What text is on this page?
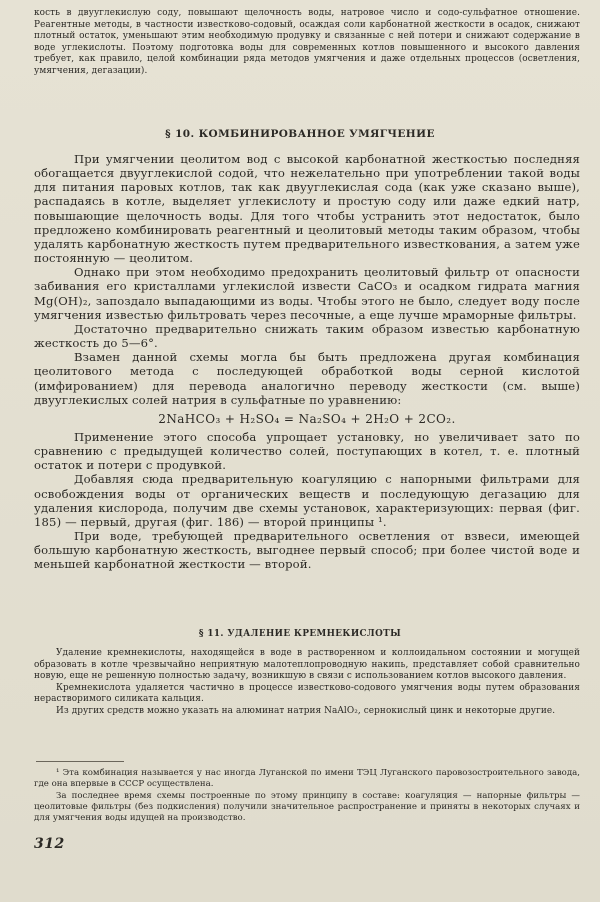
кость в двууглекислую соду, повышают щелочность воды, натровое число и содо-сульфатное отношение. Реагентные методы, в частности известково-содовый, осаждая соли карбонатной жесткости в осадок, снижают плотный остаток, уменьшают этим необходимую продувку и связанные с ней потери и снижают содержание в воде углекислоты. Поэтому подготовка воды для современных котлов повышенного и высокого давления требует, как правило, целой комбинации ряда методов умягчения и даже отдельных процессов (осветления, умягчения, дегазации).

§ 10. КОМБИНИРОВАННОЕ УМЯГЧЕНИЕ

При умягчении цеолитом вод с высокой карбонатной жесткостью последняя обогащается двууглекислой содой, что нежелательно при употреблении такой воды для питания паровых котлов, так как двууглекислая сода (как уже сказано выше), распадаясь в котле, выделяет углекислоту и простую соду или даже едкий натр, повышающие щелочность воды. Для того чтобы устранить этот недостаток, было предложено комбинировать реагентный и цеолитовый методы таким образом, чтобы удалять карбонатную жесткость путем предварительного известкования, а затем уже постоянную — цеолитом.

Однако при этом необходимо предохранить цеолитовый фильтр от опасности забивания его кристаллами углекислой извести CaCO₃ и осадком гидрата магния Mg(OH)₂, запоздало выпадающими из воды. Чтобы этого не было, следует воду после умягчения известью фильтровать через песочные, а еще лучше мраморные фильтры.

Достаточно предварительно снижать таким образом известью карбонатную жесткость до 5—6°.

Взамен данной схемы могла бы быть предложена другая комбинация цеолитового метода с последующей обработкой воды серной кислотой (имфированием) для перевода аналогично переводу жесткости (см. выше) двууглекислых солей натрия в сульфатные по уравнению:

2NaHCO₃ + H₂SO₄ = Na₂SO₄ + 2H₂O + 2CO₂.

Применение этого способа упрощает установку, но увеличивает зато по сравнению с предыдущей количество солей, поступающих в котел, т. е. плотный остаток и потери с продувкой.

Добавляя сюда предварительную коагуляцию с напорными фильтрами для освобождения воды от органических веществ и последующую дегазацию для удаления кислорода, получим две схемы установок, характеризующих: первая (фиг. 185) — первый, другая (фиг. 186) — второй принципы ¹.

При воде, требующей предварительного осветления от взвеси, имеющей большую карбонатную жесткость, выгоднее первый способ; при более чистой воде и меньшей карбонатной жесткости — второй.

§ 11. УДАЛЕНИЕ КРЕМНЕКИСЛОТЫ

Удаление кремнекислоты, находящейся в воде в растворенном и коллоидальном состоянии и могущей образовать в котле чрезвычайно неприятную малотеплопроводную накипь, представляет собой сравнительно новую, еще не решенную полностью задачу, возникшую в связи с использованием котлов высокого давления.

Кремнекислота удаляется частично в процессе известково-содового умягчения воды путем образования нерастворимого силиката кальция.

Из других средств можно указать на алюминат натрия NaAlO₂, сернокислый цинк и некоторые другие.

¹ Эта комбинация называется у нас иногда Луганской по имени ТЭЦ Луганского паровозостроительного завода, где она впервые в СССР осуществлена.

За последнее время схемы построенные по этому принципу в составе: коагуляция — напорные фильтры — цеолитовые фильтры (без подкисления) получили значительное распространение и приняты в некоторых случаях и для умягчения воды идущей на производство.

312
